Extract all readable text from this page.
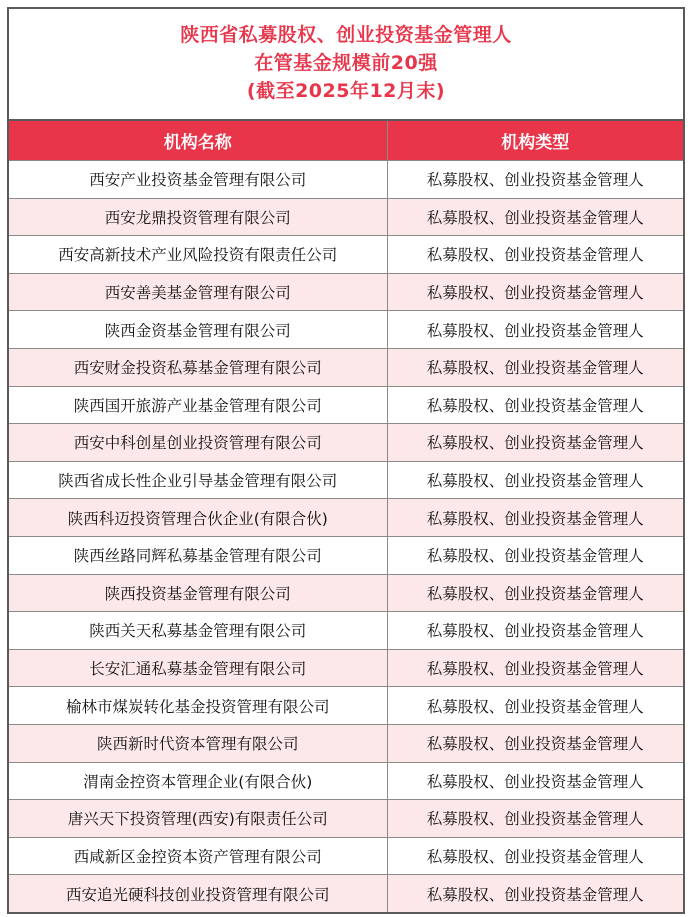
陕西省私募股权、创业投资基金管理人
在管基金规模前20强
(截至2025年12月末)
机构名称	机构类型
西安产业投资基金管理有限公司	私募股权、创业投资基金管理人
西安龙鼎投资管理有限公司	私募股权、创业投资基金管理人
西安高新技术产业风险投资有限责任公司	私募股权、创业投资基金管理人
西安善美基金管理有限公司	私募股权、创业投资基金管理人
陕西金资基金管理有限公司	私募股权、创业投资基金管理人
西安财金投资私募基金管理有限公司	私募股权、创业投资基金管理人
陕西国开旅游产业基金管理有限公司	私募股权、创业投资基金管理人
西安中科创星创业投资管理有限公司	私募股权、创业投资基金管理人
陕西省成长性企业引导基金管理有限公司	私募股权、创业投资基金管理人
陕西科迈投资管理合伙企业(有限合伙)	私募股权、创业投资基金管理人
陕西丝路同辉私募基金管理有限公司	私募股权、创业投资基金管理人
陕西投资基金管理有限公司	私募股权、创业投资基金管理人
陕西关天私募基金管理有限公司	私募股权、创业投资基金管理人
长安汇通私募基金管理有限公司	私募股权、创业投资基金管理人
榆林市煤炭转化基金投资管理有限公司	私募股权、创业投资基金管理人
陕西新时代资本管理有限公司	私募股权、创业投资基金管理人
渭南金控资本管理企业(有限合伙)	私募股权、创业投资基金管理人
唐兴天下投资管理(西安)有限责任公司	私募股权、创业投资基金管理人
西咸新区金控资本资产管理有限公司	私募股权、创业投资基金管理人
西安追光硬科技创业投资管理有限公司	私募股权、创业投资基金管理人
